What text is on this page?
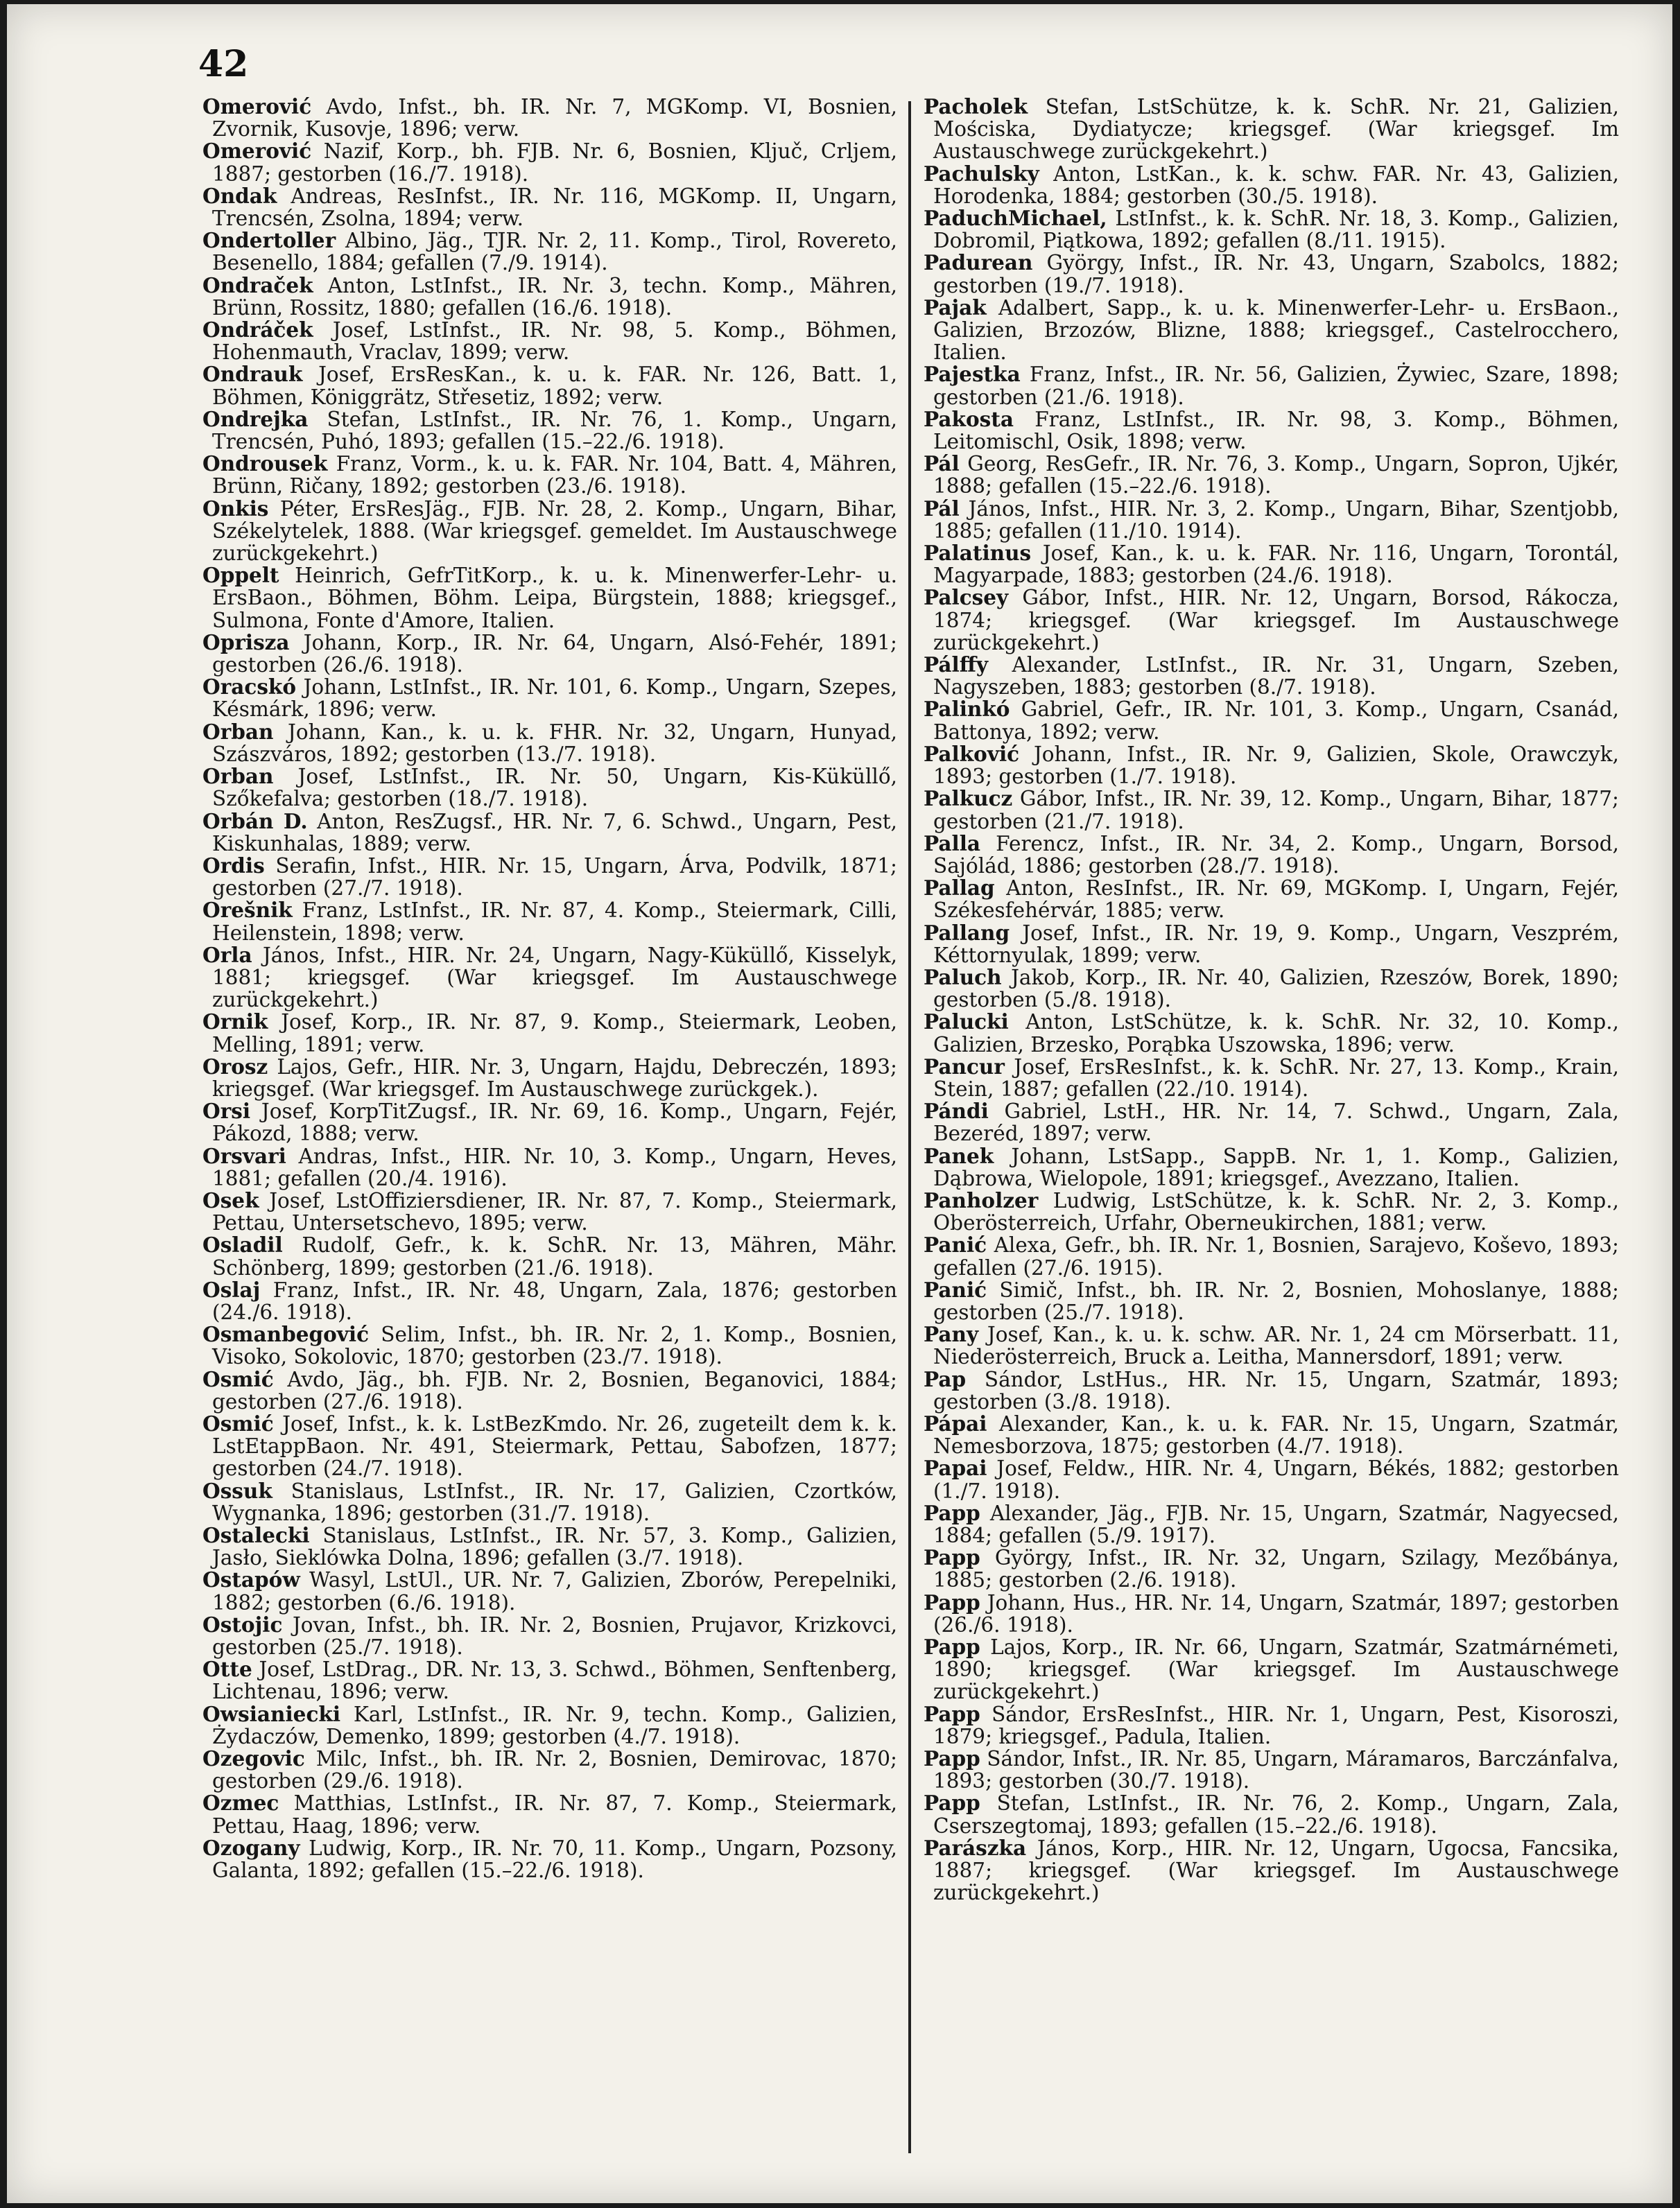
42

Omerović Avdo, Infst., bh. IR. Nr. 7, MGKomp. VI, Bosnien, Zvornik, Kusovje, 1896; verw.

Omerović Nazif, Korp., bh. FJB. Nr. 6, Bosnien, Ključ, Crljem, 1887; gestorben (16./7. 1918).

Ondak Andreas, ResInfst., IR. Nr. 116, MGKomp. II, Ungarn, Trencsén, Zsolna, 1894; verw.

Ondertoller Albino, Jäg., TJR. Nr. 2, 11. Komp., Tirol, Rovereto, Besenello, 1884; gefallen (7./9. 1914).

Ondraček Anton, LstInfst., IR. Nr. 3, techn. Komp., Mähren, Brünn, Rossitz, 1880; gefallen (16./6. 1918).

Ondráček Josef, LstInfst., IR. Nr. 98, 5. Komp., Böhmen, Hohenmauth, Vraclav, 1899; verw.

Ondrauk Josef, ErsResKan., k. u. k. FAR. Nr. 126, Batt. 1, Böhmen, Königgrätz, Střesetiz, 1892; verw.

Ondrejka Stefan, LstInfst., IR. Nr. 76, 1. Komp., Ungarn, Trencsén, Puhó, 1893; gefallen (15.–22./6. 1918).

Ondrousek Franz, Vorm., k. u. k. FAR. Nr. 104, Batt. 4, Mähren, Brünn, Ričany, 1892; gestorben (23./6. 1918).

Onkis Péter, ErsResJäg., FJB. Nr. 28, 2. Komp., Ungarn, Bihar, Székelytelek, 1888. (War kriegsgef. gemeldet. Im Austauschwege zurückgekehrt.)

Oppelt Heinrich, GefrTitKorp., k. u. k. Minenwerfer-Lehr- u. ErsBaon., Böhmen, Böhm. Leipa, Bürgstein, 1888; kriegsgef., Sulmona, Fonte d'Amore, Italien.

Oprisza Johann, Korp., IR. Nr. 64, Ungarn, Alsó-Fehér, 1891; gestorben (26./6. 1918).

Oracskó Johann, LstInfst., IR. Nr. 101, 6. Komp., Ungarn, Szepes, Késmárk, 1896; verw.

Orban Johann, Kan., k. u. k. FHR. Nr. 32, Ungarn, Hunyad, Szászváros, 1892; gestorben (13./7. 1918).

Orban Josef, LstInfst., IR. Nr. 50, Ungarn, Kis-Küküllő, Szőkefalva; gestorben (18./7. 1918).

Orbán D. Anton, ResZugsf., HR. Nr. 7, 6. Schwd., Ungarn, Pest, Kiskunhalas, 1889; verw.

Ordis Serafin, Infst., HIR. Nr. 15, Ungarn, Árva, Podvilk, 1871; gestorben (27./7. 1918).

Orešnik Franz, LstInfst., IR. Nr. 87, 4. Komp., Steiermark, Cilli, Heilenstein, 1898; verw.

Orla János, Infst., HIR. Nr. 24, Ungarn, Nagy-Küküllő, Kisselyk, 1881; kriegsgef. (War kriegsgef. Im Austauschwege zurückgekehrt.)

Ornik Josef, Korp., IR. Nr. 87, 9. Komp., Steiermark, Leoben, Melling, 1891; verw.

Orosz Lajos, Gefr., HIR. Nr. 3, Ungarn, Hajdu, Debreczén, 1893; kriegsgef. (War kriegsgef. Im Austauschwege zurückgek.).

Orsi Josef, KorpTitZugsf., IR. Nr. 69, 16. Komp., Ungarn, Fejér, Pákozd, 1888; verw.

Orsvari Andras, Infst., HIR. Nr. 10, 3. Komp., Ungarn, Heves, 1881; gefallen (20./4. 1916).

Osek Josef, LstOffiziersdiener, IR. Nr. 87, 7. Komp., Steiermark, Pettau, Untersetschevo, 1895; verw.

Osladil Rudolf, Gefr., k. k. SchR. Nr. 13, Mähren, Mähr. Schönberg, 1899; gestorben (21./6. 1918).

Oslaj Franz, Infst., IR. Nr. 48, Ungarn, Zala, 1876; gestorben (24./6. 1918).

Osmanbegović Selim, Infst., bh. IR. Nr. 2, 1. Komp., Bosnien, Visoko, Sokolovic, 1870; gestorben (23./7. 1918).

Osmić Avdo, Jäg., bh. FJB. Nr. 2, Bosnien, Beganovici, 1884; gestorben (27./6. 1918).

Osmić Josef, Infst., k. k. LstBezKmdo. Nr. 26, zugeteilt dem k. k. LstEtappBaon. Nr. 491, Steiermark, Pettau, Sabofzen, 1877; gestorben (24./7. 1918).

Ossuk Stanislaus, LstInfst., IR. Nr. 17, Galizien, Czortków, Wygnanka, 1896; gestorben (31./7. 1918).

Ostalecki Stanislaus, LstInfst., IR. Nr. 57, 3. Komp., Galizien, Jasło, Sieklówka Dolna, 1896; gefallen (3./7. 1918).

Ostapów Wasyl, LstUl., UR. Nr. 7, Galizien, Zborów, Perepelniki, 1882; gestorben (6./6. 1918).

Ostojic Jovan, Infst., bh. IR. Nr. 2, Bosnien, Prujavor, Krizkovci, gestorben (25./7. 1918).

Otte Josef, LstDrag., DR. Nr. 13, 3. Schwd., Böhmen, Senftenberg, Lichtenau, 1896; verw.

Owsianiecki Karl, LstInfst., IR. Nr. 9, techn. Komp., Galizien, Żydaczów, Demenko, 1899; gestorben (4./7. 1918).

Ozegovic Milc, Infst., bh. IR. Nr. 2, Bosnien, Demirovac, 1870; gestorben (29./6. 1918).

Ozmec Matthias, LstInfst., IR. Nr. 87, 7. Komp., Steiermark, Pettau, Haag, 1896; verw.

Ozogany Ludwig, Korp., IR. Nr. 70, 11. Komp., Ungarn, Pozsony, Galanta, 1892; gefallen (15.–22./6. 1918).

Pacholek Stefan, LstSchütze, k. k. SchR. Nr. 21, Galizien, Mościska, Dydiatycze; kriegsgef. (War kriegsgef. Im Austauschwege zurückgekehrt.)

Pachulsky Anton, LstKan., k. k. schw. FAR. Nr. 43, Galizien, Horodenka, 1884; gestorben (30./5. 1918).

PaduchMichael, LstInfst., k. k. SchR. Nr. 18, 3. Komp., Galizien, Dobromil, Piątkowa, 1892; gefallen (8./11. 1915).

Padurean György, Infst., IR. Nr. 43, Ungarn, Szabolcs, 1882; gestorben (19./7. 1918).

Pajak Adalbert, Sapp., k. u. k. Minenwerfer-Lehr- u. ErsBaon., Galizien, Brzozów, Blizne, 1888; kriegsgef., Castelrocchero, Italien.

Pajestka Franz, Infst., IR. Nr. 56, Galizien, Żywiec, Szare, 1898; gestorben (21./6. 1918).

Pakosta Franz, LstInfst., IR. Nr. 98, 3. Komp., Böhmen, Leitomischl, Osik, 1898; verw.

Pál Georg, ResGefr., IR. Nr. 76, 3. Komp., Ungarn, Sopron, Ujkér, 1888; gefallen (15.–22./6. 1918).

Pál János, Infst., HIR. Nr. 3, 2. Komp., Ungarn, Bihar, Szentjobb, 1885; gefallen (11./10. 1914).

Palatinus Josef, Kan., k. u. k. FAR. Nr. 116, Ungarn, Torontál, Magyarpade, 1883; gestorben (24./6. 1918).

Palcsey Gábor, Infst., HIR. Nr. 12, Ungarn, Borsod, Rákocza, 1874; kriegsgef. (War kriegsgef. Im Austauschwege zurückgekehrt.)

Pálffy Alexander, LstInfst., IR. Nr. 31, Ungarn, Szeben, Nagyszeben, 1883; gestorben (8./7. 1918).

Palinkó Gabriel, Gefr., IR. Nr. 101, 3. Komp., Ungarn, Csanád, Battonya, 1892; verw.

Palković Johann, Infst., IR. Nr. 9, Galizien, Skole, Orawczyk, 1893; gestorben (1./7. 1918).

Palkucz Gábor, Infst., IR. Nr. 39, 12. Komp., Ungarn, Bihar, 1877; gestorben (21./7. 1918).

Palla Ferencz, Infst., IR. Nr. 34, 2. Komp., Ungarn, Borsod, Sajólád, 1886; gestorben (28./7. 1918).

Pallag Anton, ResInfst., IR. Nr. 69, MGKomp. I, Ungarn, Fejér, Székesfehérvár, 1885; verw.

Pallang Josef, Infst., IR. Nr. 19, 9. Komp., Ungarn, Veszprém, Kéttornyulak, 1899; verw.

Paluch Jakob, Korp., IR. Nr. 40, Galizien, Rzeszów, Borek, 1890; gestorben (5./8. 1918).

Palucki Anton, LstSchütze, k. k. SchR. Nr. 32, 10. Komp., Galizien, Brzesko, Porąbka Uszowska, 1896; verw.

Pancur Josef, ErsResInfst., k. k. SchR. Nr. 27, 13. Komp., Krain, Stein, 1887; gefallen (22./10. 1914).

Pándi Gabriel, LstH., HR. Nr. 14, 7. Schwd., Ungarn, Zala, Bezeréd, 1897; verw.

Panek Johann, LstSapp., SappB. Nr. 1, 1. Komp., Galizien, Dąbrowa, Wielopole, 1891; kriegsgef., Avezzano, Italien.

Panholzer Ludwig, LstSchütze, k. k. SchR. Nr. 2, 3. Komp., Oberösterreich, Urfahr, Oberneukirchen, 1881; verw.

Panić Alexa, Gefr., bh. IR. Nr. 1, Bosnien, Sarajevo, Koševo, 1893; gefallen (27./6. 1915).

Panić Simič, Infst., bh. IR. Nr. 2, Bosnien, Mohoslanye, 1888; gestorben (25./7. 1918).

Pany Josef, Kan., k. u. k. schw. AR. Nr. 1, 24 cm Mörserbatt. 11, Niederösterreich, Bruck a. Leitha, Mannersdorf, 1891; verw.

Pap Sándor, LstHus., HR. Nr. 15, Ungarn, Szatmár, 1893; gestorben (3./8. 1918).

Pápai Alexander, Kan., k. u. k. FAR. Nr. 15, Ungarn, Szatmár, Nemesborzova, 1875; gestorben (4./7. 1918).

Papai Josef, Feldw., HIR. Nr. 4, Ungarn, Békés, 1882; gestorben (1./7. 1918).

Papp Alexander, Jäg., FJB. Nr. 15, Ungarn, Szatmár, Nagyecsed, 1884; gefallen (5./9. 1917).

Papp György, Infst., IR. Nr. 32, Ungarn, Szilagy, Mezőbánya, 1885; gestorben (2./6. 1918).

Papp Johann, Hus., HR. Nr. 14, Ungarn, Szatmár, 1897; gestorben (26./6. 1918).

Papp Lajos, Korp., IR. Nr. 66, Ungarn, Szatmár, Szatmárnémeti, 1890; kriegsgef. (War kriegsgef. Im Austauschwege zurückgekehrt.)

Papp Sándor, ErsResInfst., HIR. Nr. 1, Ungarn, Pest, Kisoroszi, 1879; kriegsgef., Padula, Italien.

Papp Sándor, Infst., IR. Nr. 85, Ungarn, Máramaros, Barczánfalva, 1893; gestorben (30./7. 1918).

Papp Stefan, LstInfst., IR. Nr. 76, 2. Komp., Ungarn, Zala, Cserszegtomaj, 1893; gefallen (15.–22./6. 1918).

Parászka János, Korp., HIR. Nr. 12, Ungarn, Ugocsa, Fancsika, 1887; kriegsgef. (War kriegsgef. Im Austauschwege zurückgekehrt.)
